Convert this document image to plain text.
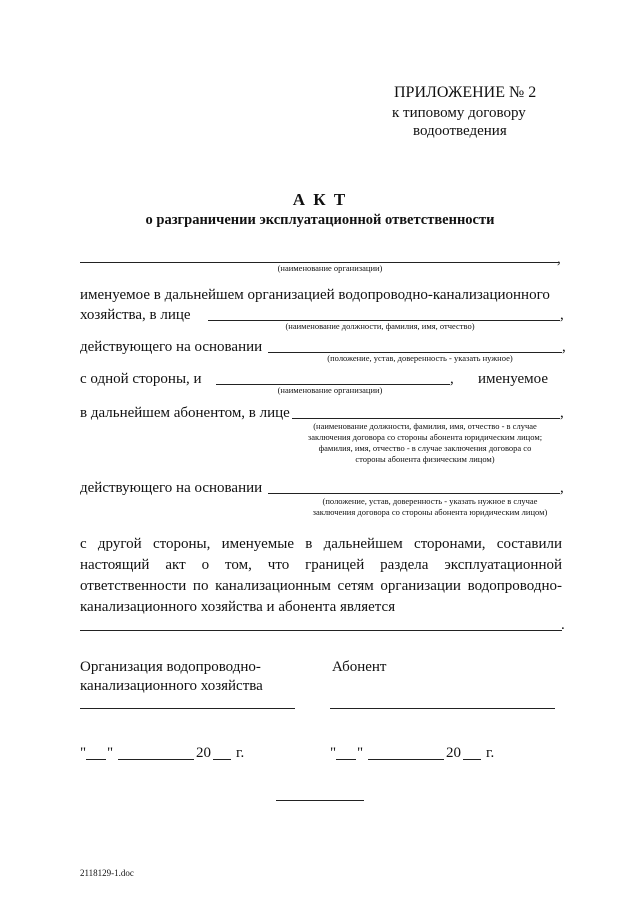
ПРИЛОЖЕНИЕ № 2
к типовому договору
водоотведения
А К Т
о разграничении эксплуатационной ответственности
,
(наименование организации)
именуемое в дальнейшем организацией водопроводно-канализационного
хозяйства, в лице	,
(наименование должности, фамилия, имя, отчество)
действующего на основании	,
(положение, устав, доверенность - указать нужное)
с одной стороны, и	, именуемое
(наименование организации)
в дальнейшем абонентом, в лице	,
(наименование должности, фамилия, имя, отчество - в случае
заключения договора со стороны абонента юридическим лицом;
фамилия, имя, отчество - в случае заключения договора со
стороны абонента физическим лицом)
действующего на основании	,
(положение, устав, доверенность - указать нужное в случае
заключения договора со стороны абонента юридическим лицом)
с другой стороны, именуемые в дальнейшем сторонами, составили
настоящий акт о том, что границей раздела эксплуатационной
ответственности по канализационным сетям организации водопроводно-
канализационного хозяйства и абонента является
.
Организация водопроводно-
канализационного хозяйства
Абонент
" "	20 г.	" "	20 г.
2118129-1.doc
